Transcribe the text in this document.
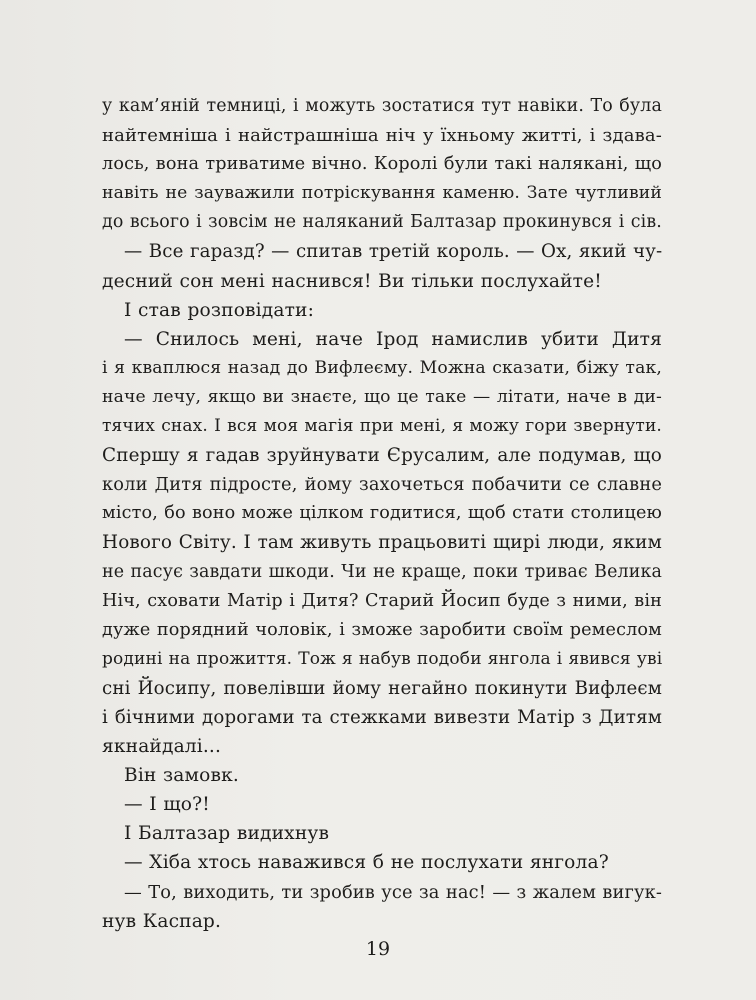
у кам’яній темниці, і можуть зостатися тут навіки. То була
найтемніша і найстрашніша ніч у їхньому житті, і здава-
лось, вона триватиме вічно. Королі були такі налякані, що
навіть не зауважили потріскування каменю. Зате чутливий
до всього і зовсім не наляканий Балтазар прокинувся і сів.
— Все гаразд? — спитав третій король. — Ох, який чу-
десний сон мені наснився! Ви тільки послухайте!
І став розповідати:
— Снилось мені, наче Ірод намислив убити Дитя
і я кваплюся назад до Вифлеєму. Можна сказати, біжу так,
наче лечу, якщо ви знаєте, що це таке — літати, наче в ди-
тячих снах. І вся моя магія при мені, я можу гори звернути.
Спершу я гадав зруйнувати Єрусалим, але подумав, що
коли Дитя підросте, йому захочеться побачити се славне
місто, бо воно може цілком годитися, щоб стати столицею
Нового Світу. І там живуть працьовиті щирі люди, яким
не пасує завдати шкоди. Чи не краще, поки триває Велика
Ніч, сховати Матір і Дитя? Старий Йосип буде з ними, він
дуже порядний чоловік, і зможе заробити своїм ремеслом
родині на прожиття. Тож я набув подоби янгола і явився уві
сні Йосипу, повелівши йому негайно покинути Вифлеєм
і бічними дорогами та стежками вивезти Матір з Дитям
якнайдалі...
Він замовк.
— І що?!
І Балтазар видихнув
— Хіба хтось наважився б не послухати янгола?
— То, виходить, ти зробив усе за нас! — з жалем вигук-
нув Каспар.
19
